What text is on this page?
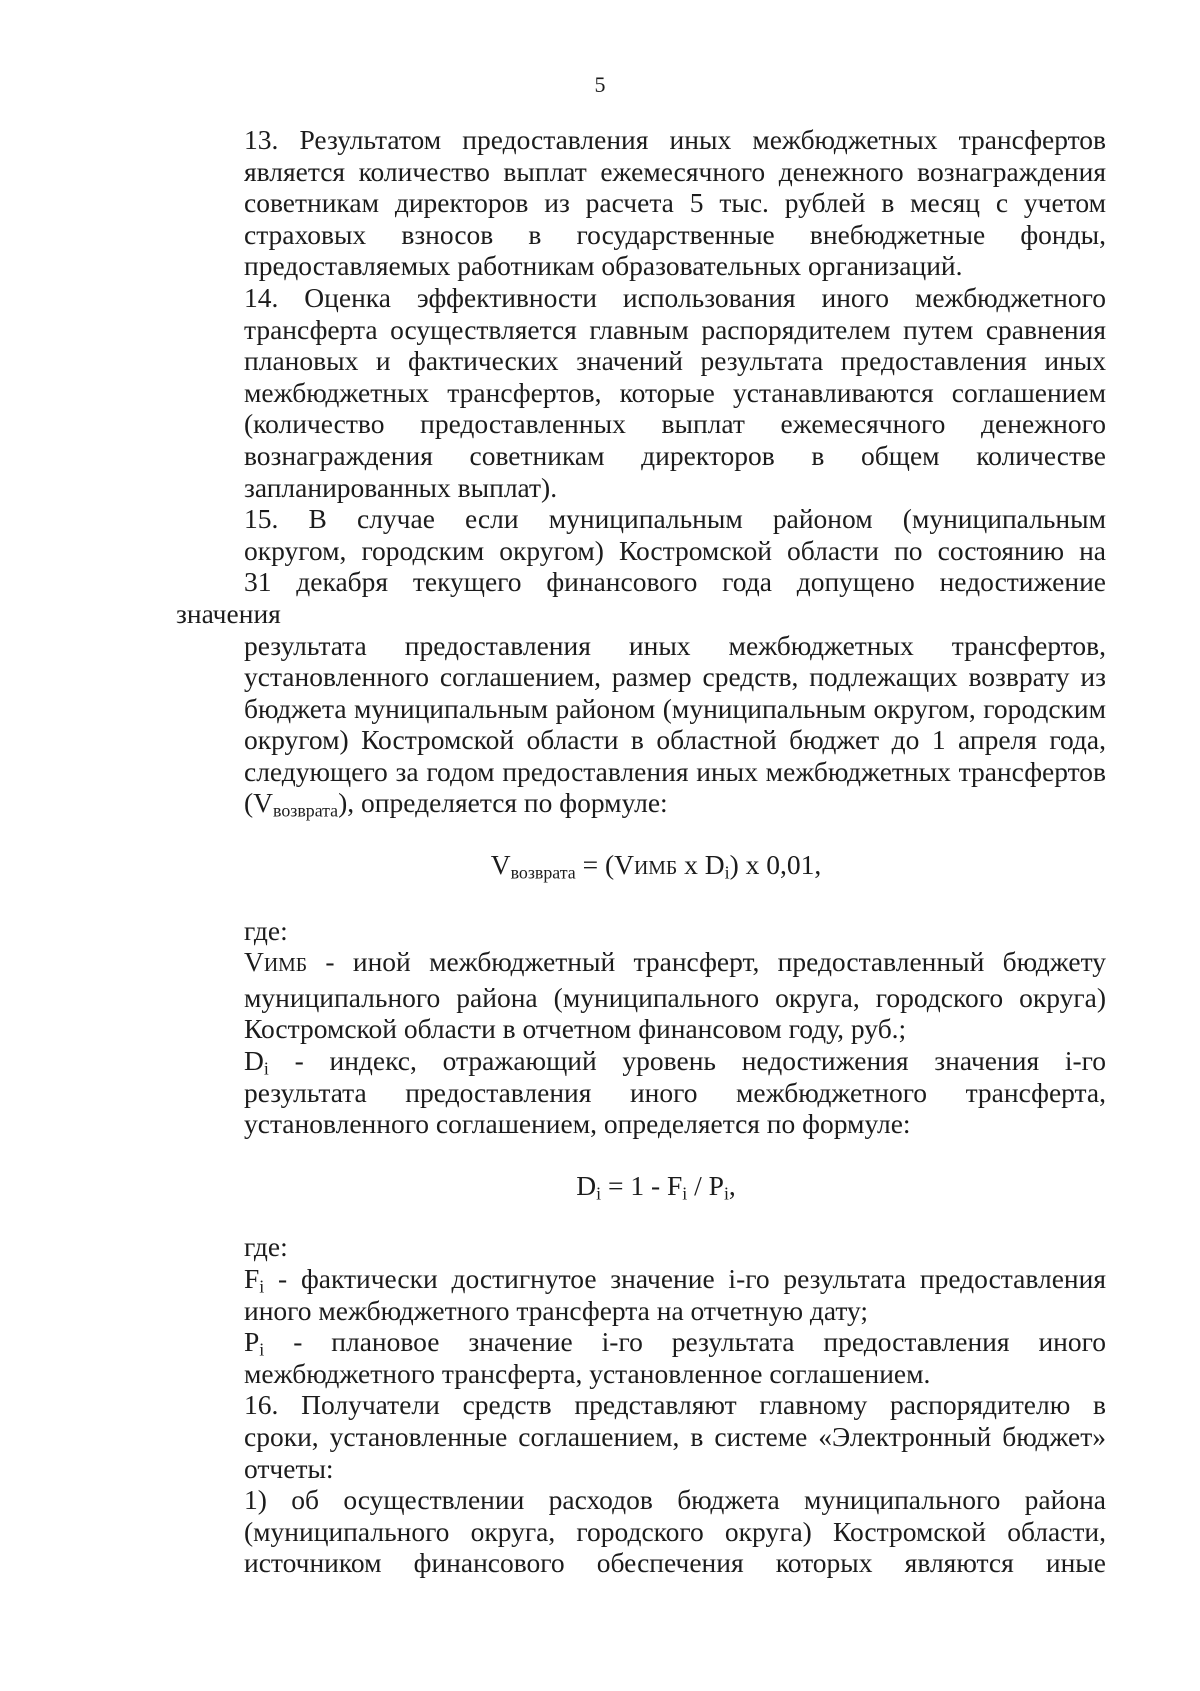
5
13. Результатом предоставления иных межбюджетных трансфертов
является количество выплат ежемесячного денежного вознаграждения
советникам директоров из расчета 5 тыс. рублей в месяц с учетом
страховых взносов в государственные внебюджетные фонды,
предоставляемых работникам образовательных организаций.
14. Оценка эффективности использования иного межбюджетного
трансферта осуществляется главным распорядителем путем сравнения
плановых и фактических значений результата предоставления иных
межбюджетных трансфертов, которые устанавливаются соглашением
(количество предоставленных выплат ежемесячного денежного
вознаграждения советникам директоров в общем количестве
запланированных выплат).
15. В случае если муниципальным районом (муниципальным
округом, городским округом) Костромской области по состоянию на
31 декабря текущего финансового года допущено недостижение значения
результата предоставления иных межбюджетных трансфертов,
установленного соглашением, размер средств, подлежащих возврату из
бюджета муниципальным районом (муниципальным округом, городским
округом) Костромской области в областной бюджет до 1 апреля года,
следующего за годом предоставления иных межбюджетных трансфертов
$(V_{возврата})$, определяется по формуле:
$V_{возврата}$ = (VИМБ x $D_i$) x 0,01,
где:
VИМБ - иной межбюджетный трансферт, предоставленный бюджету
муниципального района (муниципального округа, городского округа)
Костромской области в отчетном финансовом году, руб.;
$D_i$ - индекс, отражающий уровень недостижения значения i-го
результата предоставления иного межбюджетного трансферта,
установленного соглашением, определяется по формуле:
$D_i = 1 - F_i / P_i$,
где:
$F_i$ - фактически достигнутое значение i-го результата предоставления
иного межбюджетного трансферта на отчетную дату;
$P_i$ - плановое значение i-го результата предоставления иного
межбюджетного трансферта, установленное соглашением.
16. Получатели средств представляют главному распорядителю в
сроки, установленные соглашением, в системе «Электронный бюджет»
отчеты:
1) об осуществлении расходов бюджета муниципального района
(муниципального округа, городского округа) Костромской области,
источником финансового обеспечения которых являются иные
